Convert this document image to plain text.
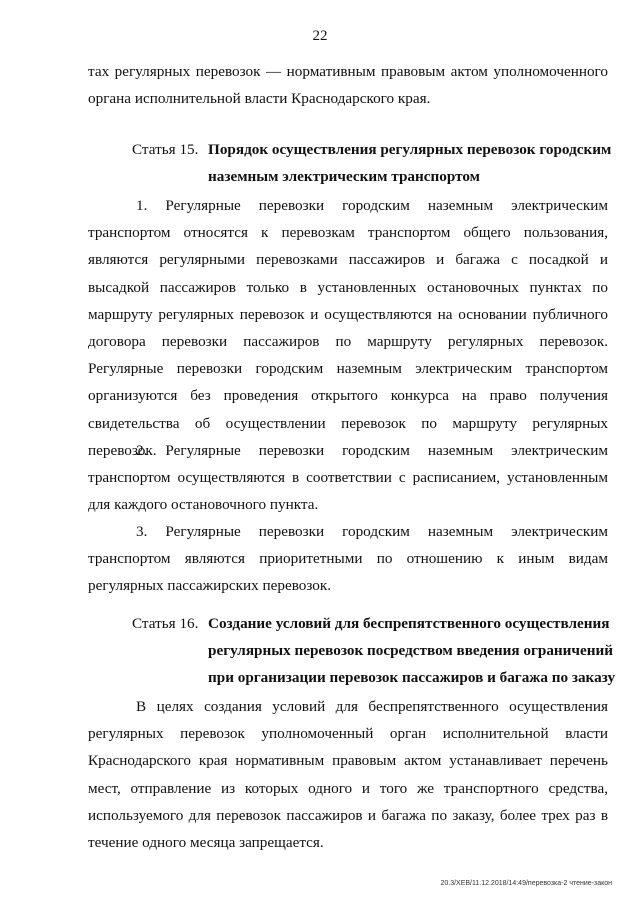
22
тах регулярных перевозок — нормативным правовым актом уполномоченного
органа исполнительной власти Краснодарского края.
Статья 15. Порядок осуществления регулярных перевозок городским
наземным электрическим транспортом
1. Регулярные перевозки городским наземным электрическим транспортом относятся к перевозкам транспортом общего пользования, являются регулярными перевозками пассажиров и багажа с посадкой и высадкой пассажиров только в установленных остановочных пунктах по маршруту регулярных перевозок и осуществляются на основании публичного договора перевозки пассажиров по маршруту регулярных перевозок. Регулярные перевозки городским наземным электрическим транспортом организуются без проведения открытого конкурса на право получения свидетельства об осуществлении перевозок по маршруту регулярных перевозок.
2. Регулярные перевозки городским наземным электрическим транспортом осуществляются в соответствии с расписанием, установленным для каждого остановочного пункта.
3. Регулярные перевозки городским наземным электрическим транспортом являются приоритетными по отношению к иным видам регулярных пассажирских перевозок.
Статья 16. Создание условий для беспрепятственного осуществления
регулярных перевозок посредством введения ограничений
при организации перевозок пассажиров и багажа по заказу
В целях создания условий для беспрепятственного осуществления регулярных перевозок уполномоченный орган исполнительной власти Краснодарского края нормативным правовым актом устанавливает перечень мест, отправление из которых одного и того же транспортного средства, используемого для перевозок пассажиров и багажа по заказу, более трех раз в течение одного месяца запрещается.
20.3/ХЕВ/11.12.2018/14:49/перевозка-2 чтение-закон
